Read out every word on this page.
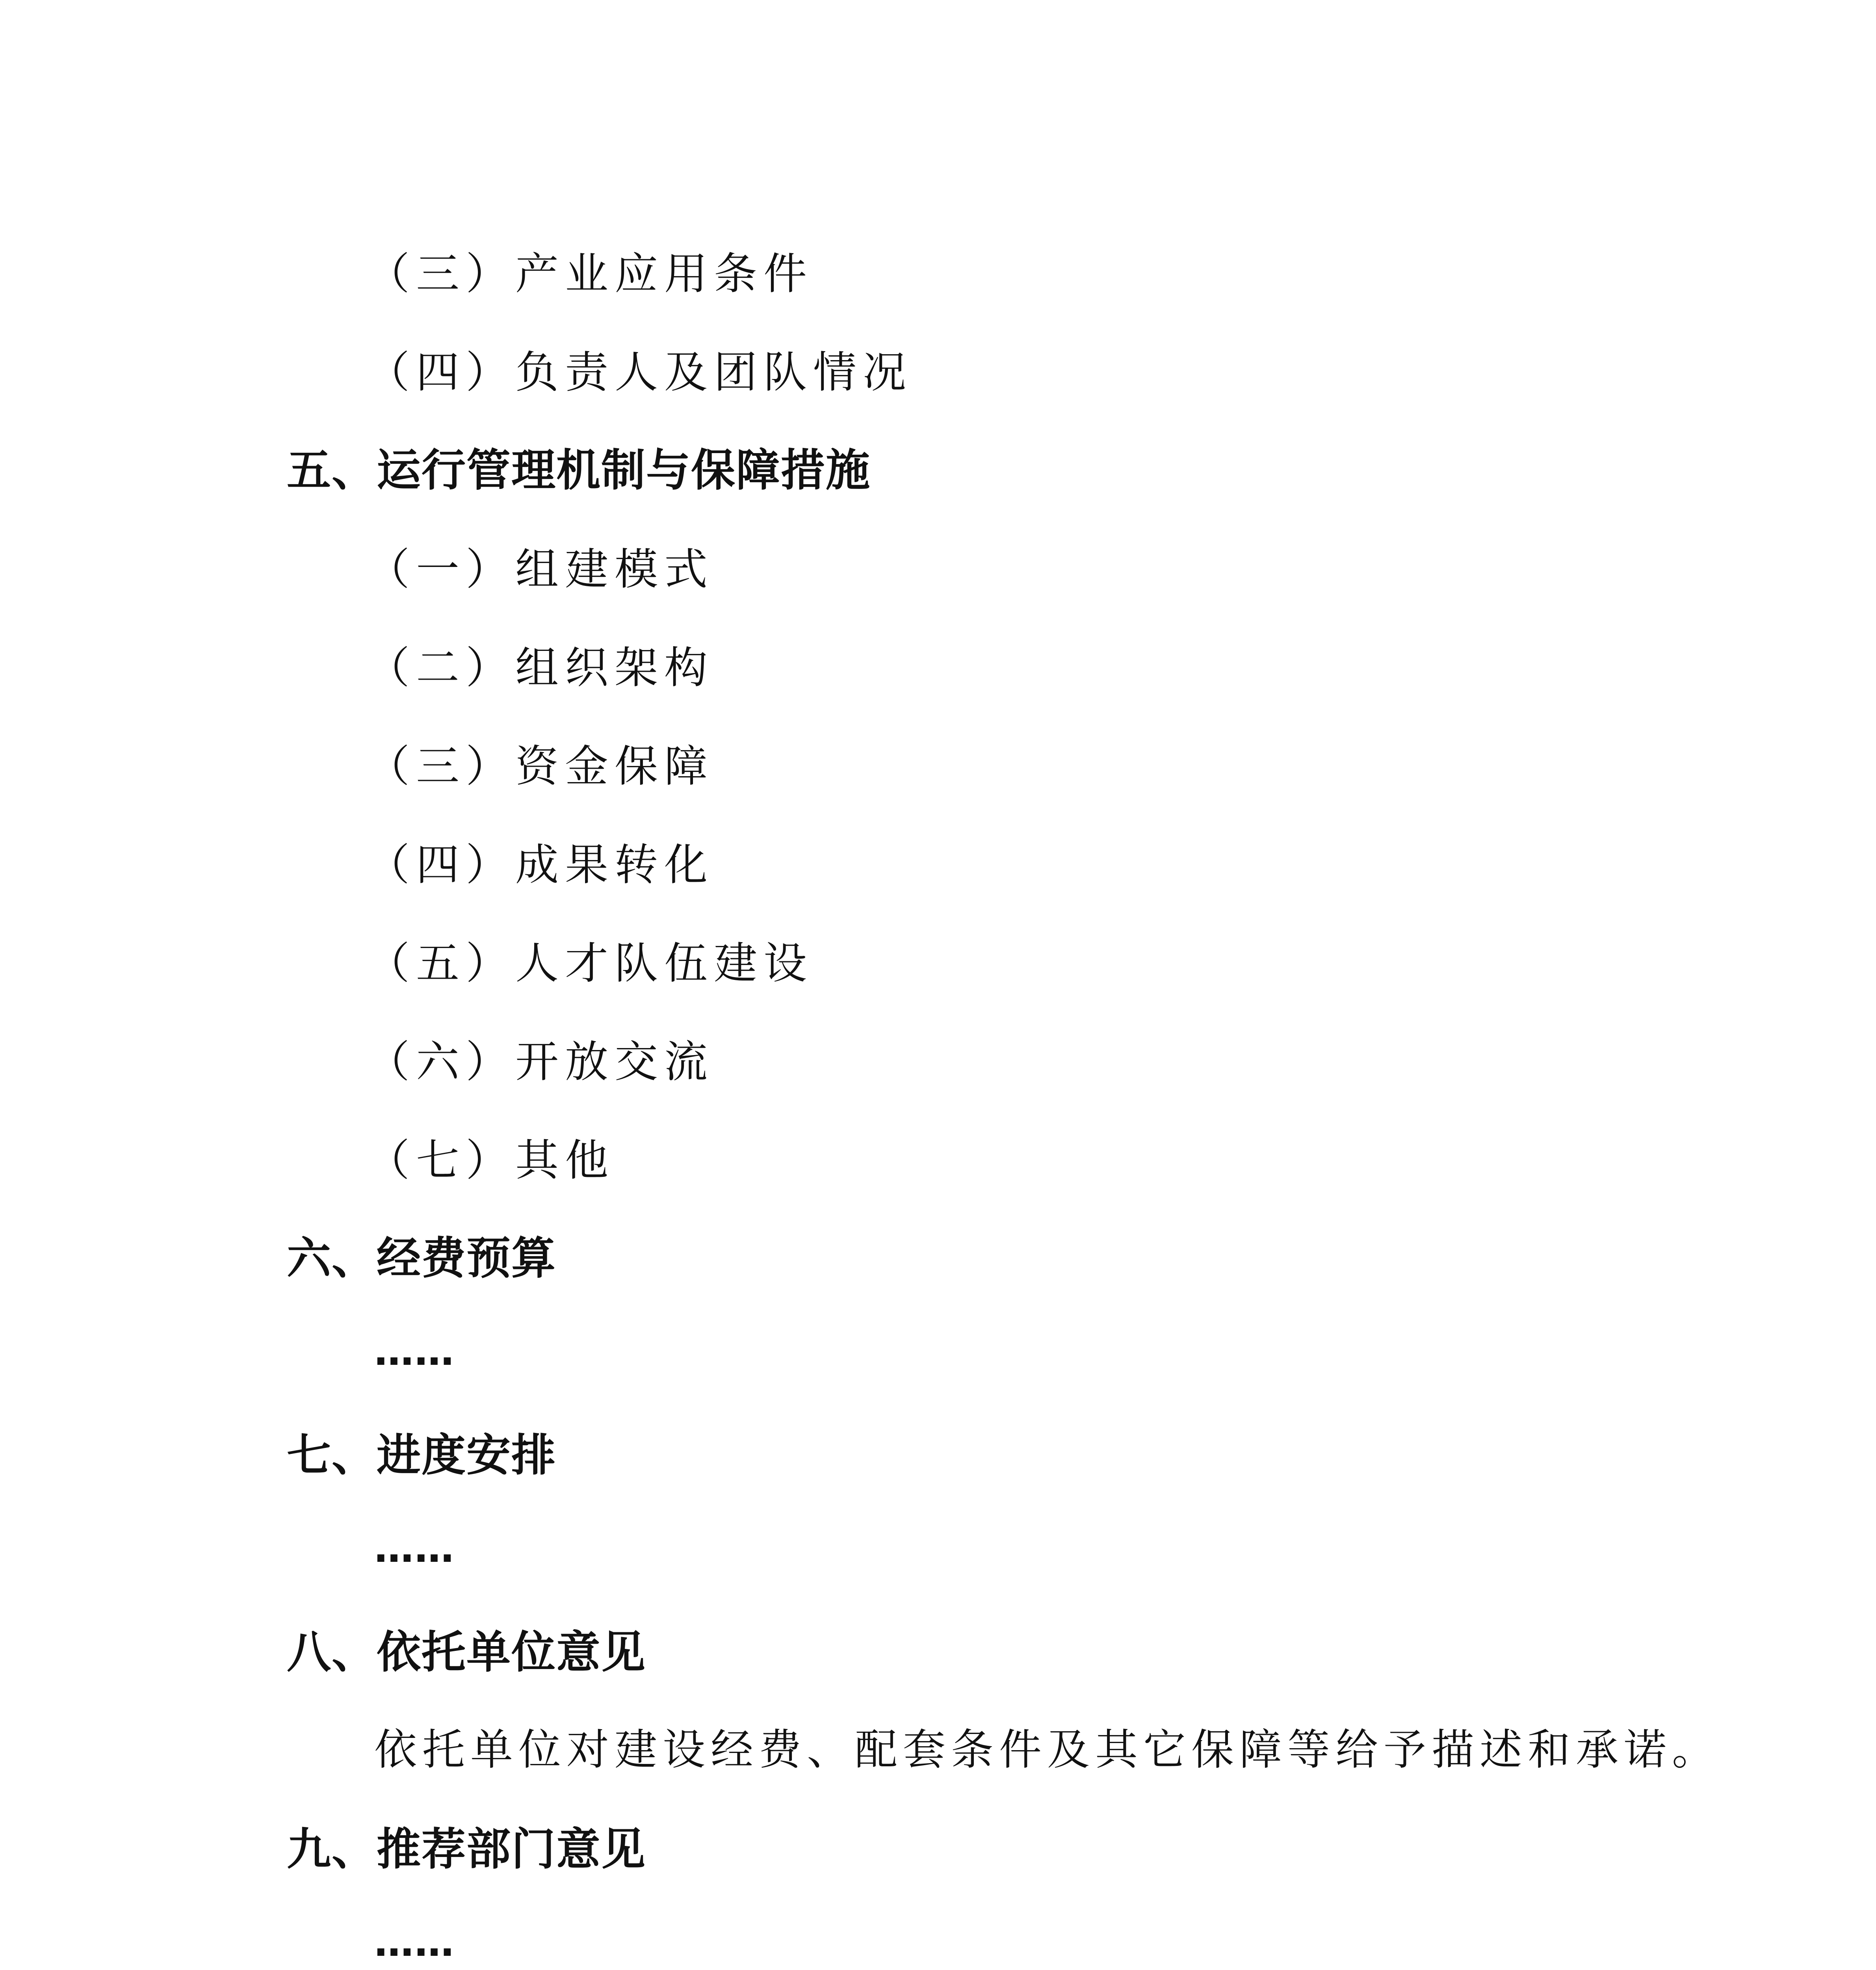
（三）产业应用条件
（四）负责人及团队情况
五、运行管理机制与保障措施
（一）组建模式
（二）组织架构
（三）资金保障
（四）成果转化
（五）人才队伍建设
（六）开放交流
（七）其他
六、经费预算
……
七、进度安排
……
八、依托单位意见
依托单位对建设经费、配套条件及其它保障等给予描述和承诺。
九、推荐部门意见
……
